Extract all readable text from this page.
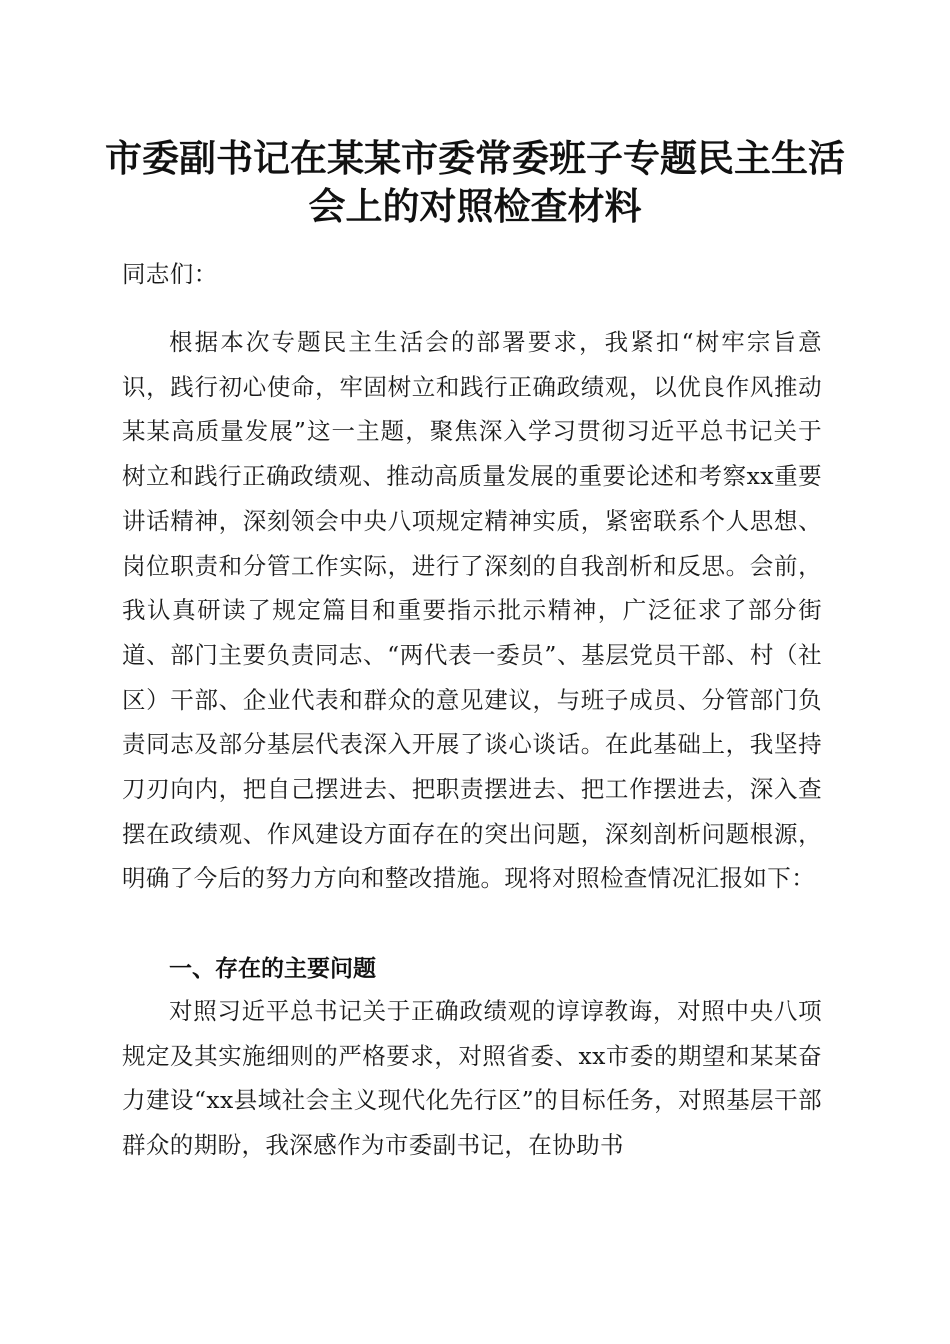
市委副书记在某某市委常委班子专题民主生活
会上的对照检查材料
同志们：
根据本次专题民主生活会的部署要求，我紧扣“树牢宗旨意识，践行初心使命，牢固树立和践行正确政绩观，以优良作风推动某某高质量发展”这一主题，聚焦深入学习贯彻习近平总书记关于树立和践行正确政绩观、推动高质量发展的重要论述和考察xx重要讲话精神，深刻领会中央八项规定精神实质，紧密联系个人思想、岗位职责和分管工作实际，进行了深刻的自我剖析和反思。会前，我认真研读了规定篇目和重要指示批示精神，广泛征求了部分街道、部门主要负责同志、“两代表一委员”、基层党员干部、村（社区）干部、企业代表和群众的意见建议，与班子成员、分管部门负责同志及部分基层代表深入开展了谈心谈话。在此基础上，我坚持刀刃向内，把自己摆进去、把职责摆进去、把工作摆进去，深入查摆在政绩观、作风建设方面存在的突出问题，深刻剖析问题根源，明确了今后的努力方向和整改措施。现将对照检查情况汇报如下：
一、存在的主要问题
对照习近平总书记关于正确政绩观的谆谆教诲，对照中央八项规定及其实施细则的严格要求，对照省委、xx市委的期望和某某奋力建设“xx县域社会主义现代化先行区”的目标任务，对照基层干部群众的期盼，我深感作为市委副书记，在协助书
